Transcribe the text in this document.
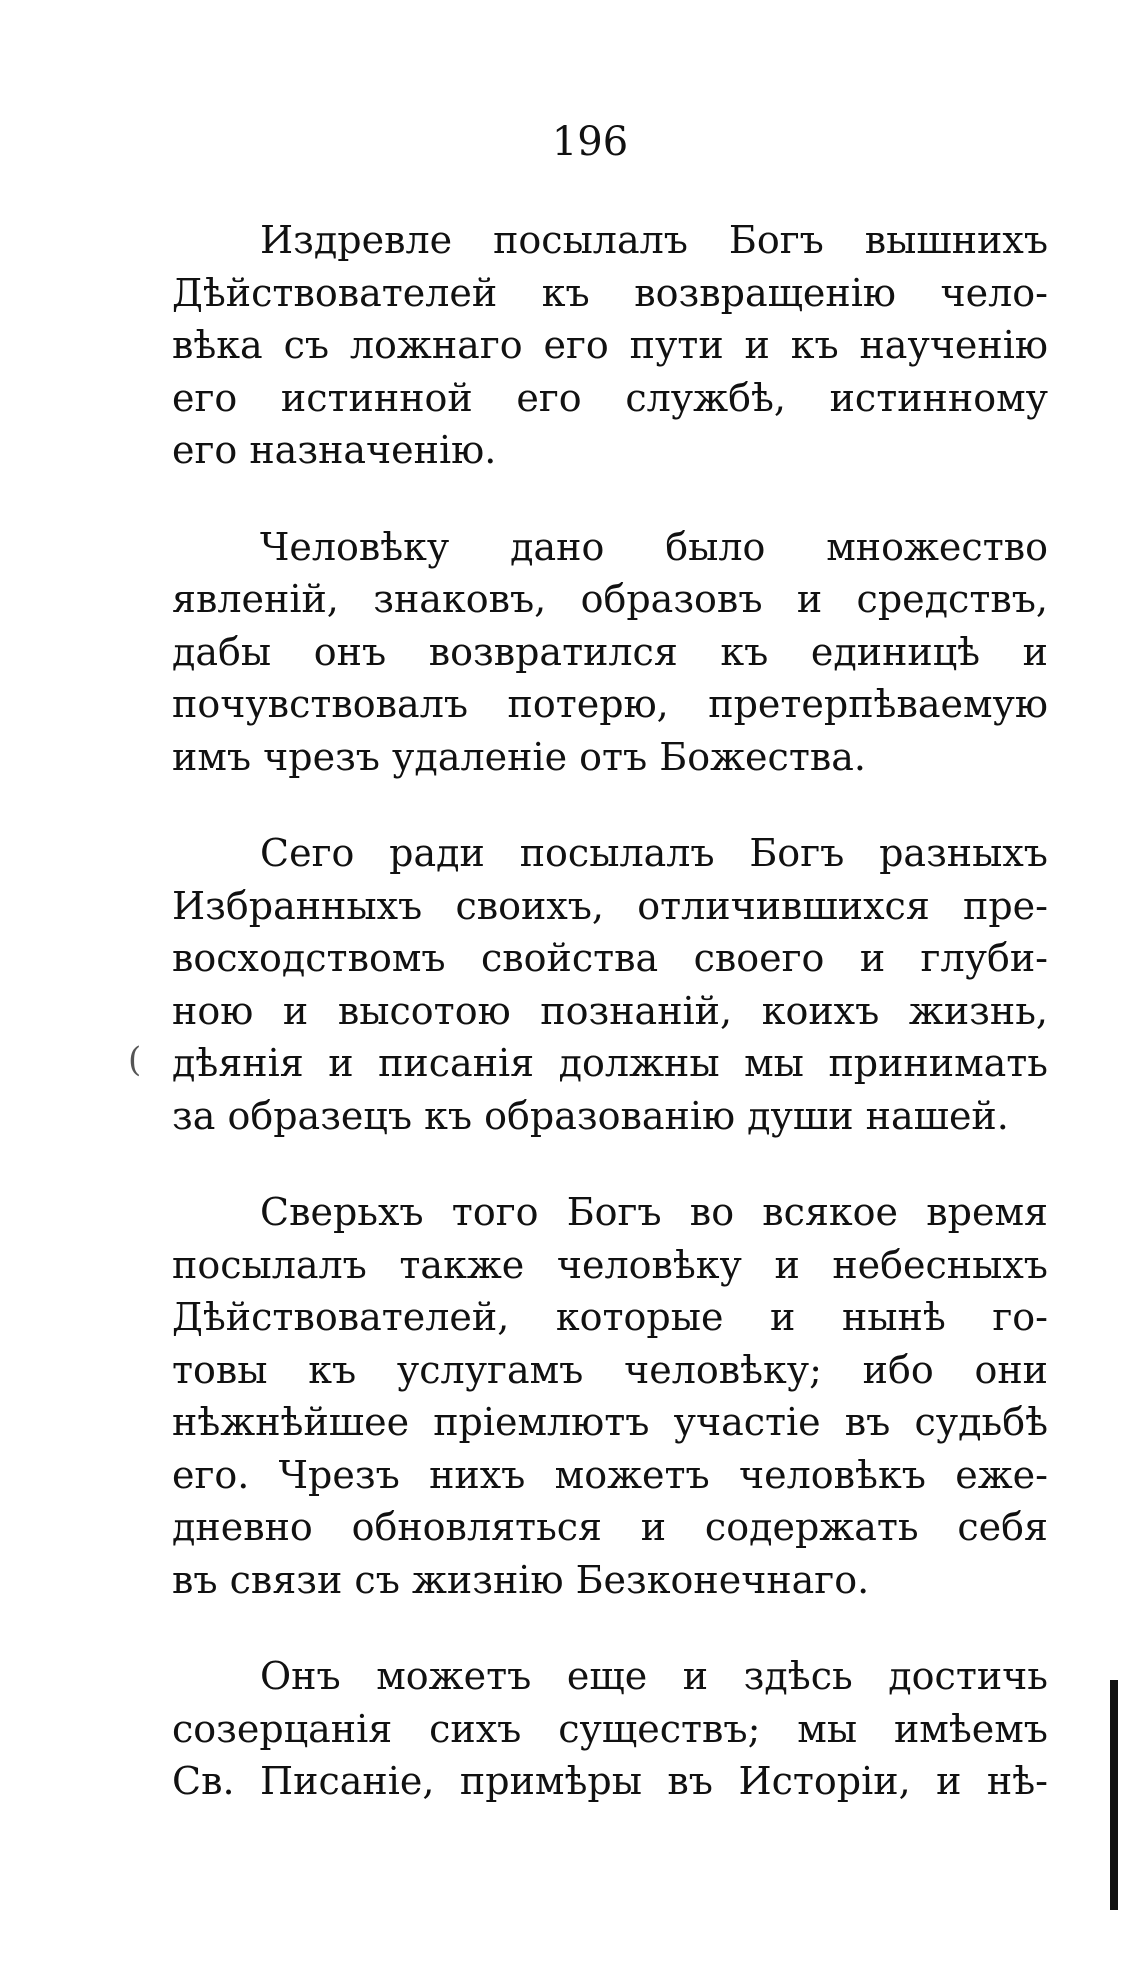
196
Издревле посылалъ Богъ вышнихъ
Дѣйствователей къ возвращенію чело-
вѣка съ ложнаго его пути и къ наученію
его истинной его службѣ, истинному
его назначенію.
Человѣку дано было множество
явленій, знаковъ, образовъ и средствъ,
дабы онъ возвратился къ единицѣ и
почувствовалъ потерю, претерпѣваемую
имъ чрезъ удаленіе отъ Божества.
Сего ради посылалъ Богъ разныхъ
Избранныхъ своихъ, отличившихся пре-
восходствомъ свойства своего и глуби-
ною и высотою познаній, коихъ жизнь,
дѣянія и писанія должны мы принимать
за образецъ къ образованію души нашей.
Сверьхъ того Богъ во всякое время
посылалъ также человѣку и небесныхъ
Дѣйствователей, которые и нынѣ го-
товы къ услугамъ человѣку; ибо они
нѣжнѣйшее пріемлютъ участіе въ судьбѣ
его. Чрезъ нихъ можетъ человѣкъ еже-
дневно обновляться и содержать себя
въ связи съ жизнію Безконечнаго.
Онъ можетъ еще и здѣсь достичь
созерцанія сихъ существъ; мы имѣемъ
Св. Писаніе, примѣры въ Исторіи, и нѣ-
(
